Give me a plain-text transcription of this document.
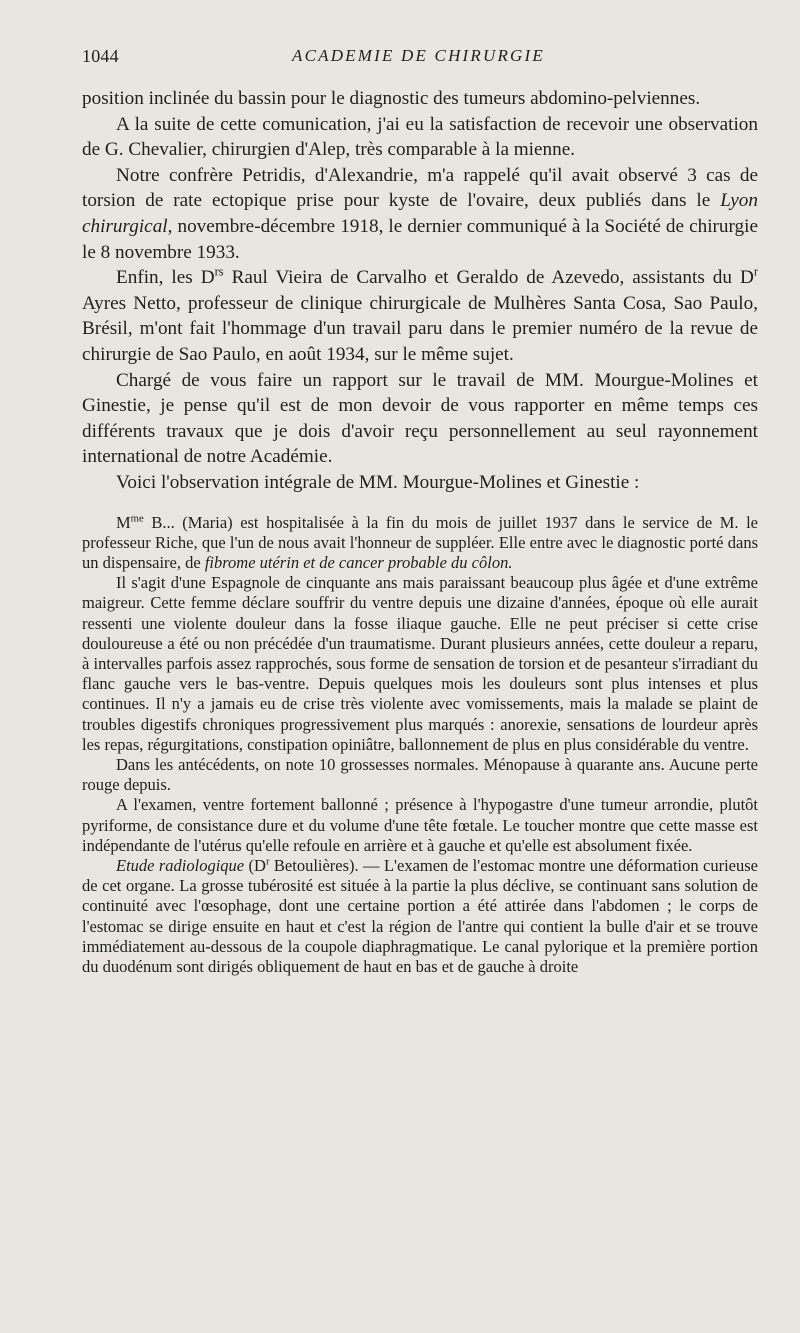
1044	ACADEMIE DE CHIRURGIE

position inclinée du bassin pour le diagnostic des tumeurs abdomino-pelviennes.

A la suite de cette comunication, j'ai eu la satisfaction de recevoir une observation de G. Chevalier, chirurgien d'Alep, très comparable à la mienne.

Notre confrère Petridis, d'Alexandrie, m'a rappelé qu'il avait observé 3 cas de torsion de rate ectopique prise pour kyste de l'ovaire, deux publiés dans le Lyon chirurgical, novembre-décembre 1918, le dernier communiqué à la Société de chirurgie le 8 novembre 1933.

Enfin, les $D^{rs}$ Raul Vieira de Carvalho et Geraldo de Azevedo, assistants du $D^r$ Ayres Netto, professeur de clinique chirurgicale de Mulhères Santa Cosa, Sao Paulo, Brésil, m'ont fait l'hommage d'un travail paru dans le premier numéro de la revue de chirurgie de Sao Paulo, en août 1934, sur le même sujet.

Chargé de vous faire un rapport sur le travail de MM. Mourgue-Molines et Ginestie, je pense qu'il est de mon devoir de vous rapporter en même temps ces différents travaux que je dois d'avoir reçu personnellement au seul rayonnement international de notre Académie.

Voici l'observation intégrale de MM. Mourgue-Molines et Ginestie :

$M^{me}$ B... (Maria) est hospitalisée à la fin du mois de juillet 1937 dans le service de M. le professeur Riche, que l'un de nous avait l'honneur de suppléer. Elle entre avec le diagnostic porté dans un dispensaire, de fibrome utérin et de cancer probable du côlon.

Il s'agit d'une Espagnole de cinquante ans mais paraissant beaucoup plus âgée et d'une extrême maigreur. Cette femme déclare souffrir du ventre depuis une dizaine d'années, époque où elle aurait ressenti une violente douleur dans la fosse iliaque gauche. Elle ne peut préciser si cette crise douloureuse a été ou non précédée d'un traumatisme. Durant plusieurs années, cette douleur a reparu, à intervalles parfois assez rapprochés, sous forme de sensation de torsion et de pesanteur s'irradiant du flanc gauche vers le bas-ventre. Depuis quelques mois les douleurs sont plus intenses et plus continues. Il n'y a jamais eu de crise très violente avec vomissements, mais la malade se plaint de troubles digestifs chroniques progressivement plus marqués : anorexie, sensations de lourdeur après les repas, régurgitations, constipation opiniâtre, ballonnement de plus en plus considérable du ventre.

Dans les antécédents, on note 10 grossesses normales. Ménopause à quarante ans. Aucune perte rouge depuis.

A l'examen, ventre fortement ballonné ; présence à l'hypogastre d'une tumeur arrondie, plutôt pyriforme, de consistance dure et du volume d'une tête fœtale. Le toucher montre que cette masse est indépendante de l'utérus qu'elle refoule en arrière et à gauche et qu'elle est absolument fixée.

Etude radiologique ($D^r$ Betoulières). — L'examen de l'estomac montre une déformation curieuse de cet organe. La grosse tubérosité est située à la partie la plus déclive, se continuant sans solution de continuité avec l'œsophage, dont une certaine portion a été attirée dans l'abdomen ; le corps de l'estomac se dirige ensuite en haut et c'est la région de l'antre qui contient la bulle d'air et se trouve immédiatement au-dessous de la coupole diaphragmatique. Le canal pylorique et la première portion du duodénum sont dirigés obliquement de haut en bas et de gauche à droite
